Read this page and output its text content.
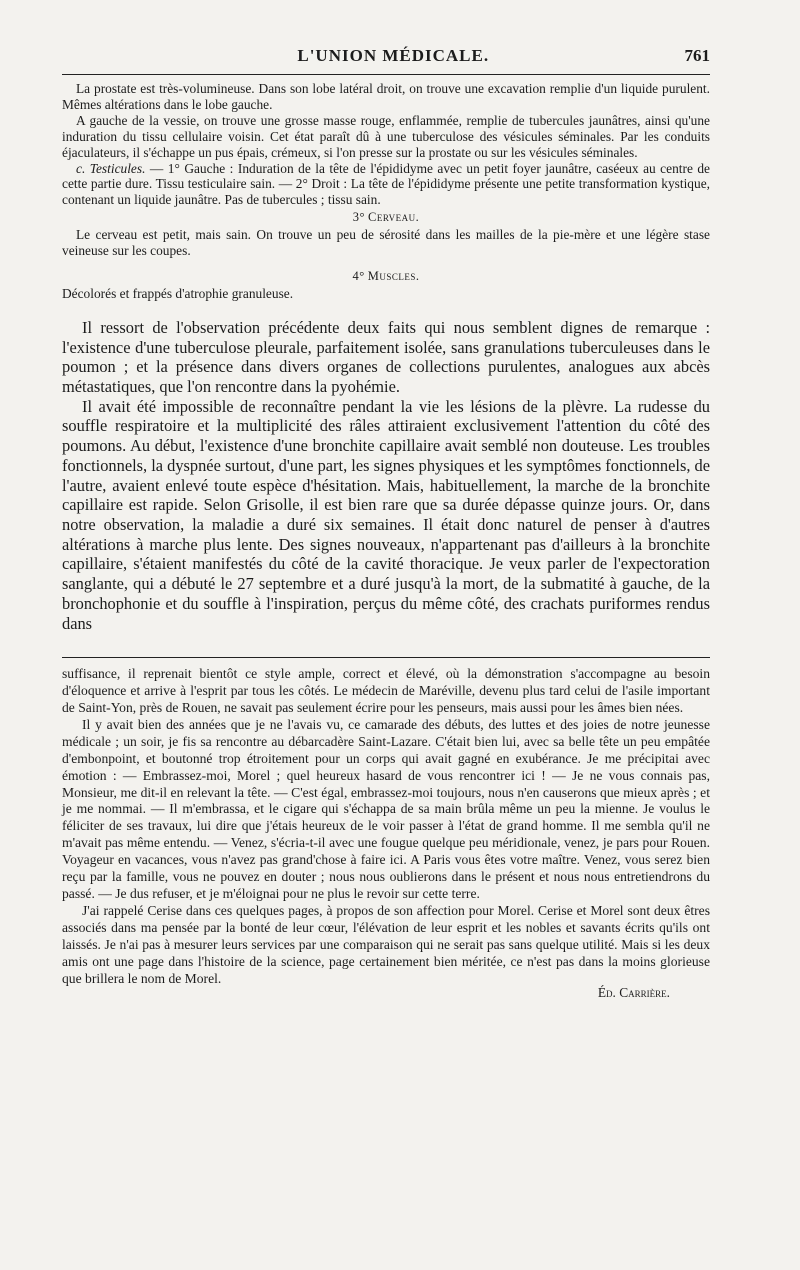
L'UNION MÉDICALE.	761

La prostate est très-volumineuse. Dans son lobe latéral droit, on trouve une excavation remplie d'un liquide purulent. Mêmes altérations dans le lobe gauche.

A gauche de la vessie, on trouve une grosse masse rouge, enflammée, remplie de tubercules jaunâtres, ainsi qu'une induration du tissu cellulaire voisin. Cet état paraît dû à une tuberculose des vésicules séminales. Par les conduits éjaculateurs, il s'échappe un pus épais, crémeux, si l'on presse sur la prostate ou sur les vésicules séminales.

c. Testicules. — 1° Gauche : Induration de la tête de l'épididyme avec un petit foyer jaunâtre, caséeux au centre de cette partie dure. Tissu testiculaire sain. — 2° Droit : La tête de l'épididyme présente une petite transformation kystique, contenant un liquide jaunâtre. Pas de tubercules ; tissu sain.

3° Cerveau.

Le cerveau est petit, mais sain. On trouve un peu de sérosité dans les mailles de la pie-mère et une légère stase veineuse sur les coupes.

4° Muscles.

Décolorés et frappés d'atrophie granuleuse.

Il ressort de l'observation précédente deux faits qui nous semblent dignes de remarque : l'existence d'une tuberculose pleurale, parfaitement isolée, sans granulations tuberculeuses dans le poumon ; et la présence dans divers organes de collections purulentes, analogues aux abcès métastatiques, que l'on rencontre dans la pyohémie.

Il avait été impossible de reconnaître pendant la vie les lésions de la plèvre. La rudesse du souffle respiratoire et la multiplicité des râles attiraient exclusivement l'attention du côté des poumons. Au début, l'existence d'une bronchite capillaire avait semblé non douteuse. Les troubles fonctionnels, la dyspnée surtout, d'une part, les signes physiques et les symptômes fonctionnels, de l'autre, avaient enlevé toute espèce d'hésitation. Mais, habituellement, la marche de la bronchite capillaire est rapide. Selon Grisolle, il est bien rare que sa durée dépasse quinze jours. Or, dans notre observation, la maladie a duré six semaines. Il était donc naturel de penser à d'autres altérations à marche plus lente. Des signes nouveaux, n'appartenant pas d'ailleurs à la bronchite capillaire, s'étaient manifestés du côté de la cavité thoracique. Je veux parler de l'expectoration sanglante, qui a débuté le 27 septembre et a duré jusqu'à la mort, de la submatité à gauche, de la bronchophonie et du souffle à l'inspiration, perçus du même côté, des crachats puriformes rendus dans

suffisance, il reprenait bientôt ce style ample, correct et élevé, où la démonstration s'accompagne au besoin d'éloquence et arrive à l'esprit par tous les côtés. Le médecin de Maréville, devenu plus tard celui de l'asile important de Saint-Yon, près de Rouen, ne savait pas seulement écrire pour les penseurs, mais aussi pour les âmes bien nées.

Il y avait bien des années que je ne l'avais vu, ce camarade des débuts, des luttes et des joies de notre jeunesse médicale ; un soir, je fis sa rencontre au débarcadère Saint-Lazare. C'était bien lui, avec sa belle tête un peu empâtée d'embonpoint, et boutonné trop étroitement pour un corps qui avait gagné en exubérance. Je me précipitai avec émotion : — Embrassez-moi, Morel ; quel heureux hasard de vous rencontrer ici ! — Je ne vous connais pas, Monsieur, me dit-il en relevant la tête. — C'est égal, embrassez-moi toujours, nous n'en causerons que mieux après ; et je me nommai. — Il m'embrassa, et le cigare qui s'échappa de sa main brûla même un peu la mienne. Je voulus le féliciter de ses travaux, lui dire que j'étais heureux de le voir passer à l'état de grand homme. Il me sembla qu'il ne m'avait pas même entendu. — Venez, s'écria-t-il avec une fougue quelque peu méridionale, venez, je pars pour Rouen. Voyageur en vacances, vous n'avez pas grand'chose à faire ici. A Paris vous êtes votre maître. Venez, vous serez bien reçu par la famille, vous ne pouvez en douter ; nous nous oublierons dans le présent et nous nous entretiendrons du passé. — Je dus refuser, et je m'éloignai pour ne plus le revoir sur cette terre.

J'ai rappelé Cerise dans ces quelques pages, à propos de son affection pour Morel. Cerise et Morel sont deux êtres associés dans ma pensée par la bonté de leur cœur, l'élévation de leur esprit et les nobles et savants écrits qu'ils ont laissés. Je n'ai pas à mesurer leurs services par une comparaison qui ne serait pas sans quelque utilité. Mais si les deux amis ont une page dans l'histoire de la science, page certainement bien méritée, ce n'est pas dans la moins glorieuse que brillera le nom de Morel.

Éd. Carrière.
